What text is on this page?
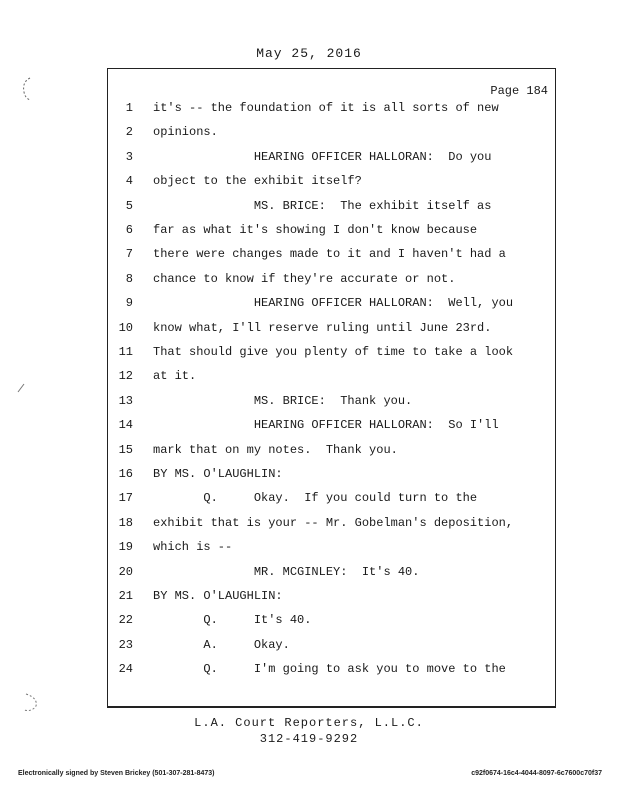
May 25, 2016
Page 184
1 it's -- the foundation of it is all sorts of new
2 opinions.
3 HEARING OFFICER HALLORAN:  Do you
4 object to the exhibit itself?
5 MS. BRICE:  The exhibit itself as
6 far as what it's showing I don't know because
7 there were changes made to it and I haven't had a
8 chance to know if they're accurate or not.
9 HEARING OFFICER HALLORAN:  Well, you
10 know what, I'll reserve ruling until June 23rd.
11 That should give you plenty of time to take a look
12 at it.
13 MS. BRICE:  Thank you.
14 HEARING OFFICER HALLORAN:  So I'll
15 mark that on my notes.  Thank you.
16 BY MS. O'LAUGHLIN:
17 Q.     Okay.  If you could turn to the
18 exhibit that is your -- Mr. Gobelman's deposition,
19 which is --
20 MR. MCGINLEY:  It's 40.
21 BY MS. O'LAUGHLIN:
22 Q.     It's 40.
23 A.     Okay.
24 Q.     I'm going to ask you to move to the
L.A. Court Reporters, L.L.C.
312-419-9292
Electronically signed by Steven Brickey (501-307-281-8473)	c92f0674-16c4-4044-8097-6c7600c70f37
